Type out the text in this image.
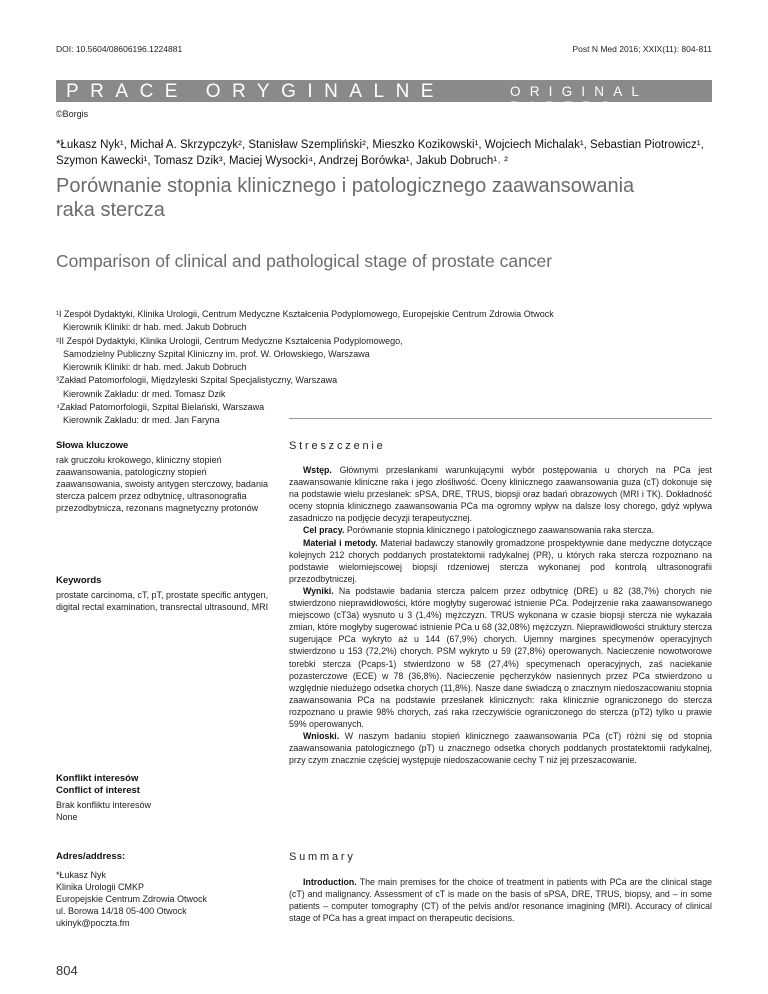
DOI: 10.5604/08606196.1224881	Post N Med 2016; XXIX(11): 804-811
PRACE ORYGINALNE	ORIGINAL PAPERS
©Borgis
*Łukasz Nyk¹, Michał A. Skrzypczyk², Stanisław Szempliński², Mieszko Kozikowski¹, Wojciech Michalak¹, Sebastian Piotrowicz¹, Szymon Kawecki¹, Tomasz Dzik³, Maciej Wysocki⁴, Andrzej Borówka¹, Jakub Dobruch¹˒ ²
Porównanie stopnia klinicznego i patologicznego zaawansowania raka stercza
Comparison of clinical and pathological stage of prostate cancer
¹I Zespół Dydaktyki, Klinika Urologii, Centrum Medyczne Kształcenia Podyplomowego, Europejskie Centrum Zdrowia Otwock
Kierownik Kliniki: dr hab. med. Jakub Dobruch
²II Zespół Dydaktyki, Klinika Urologii, Centrum Medyczne Kształcenia Podyplomowego,
Samodzielny Publiczny Szpital Kliniczny im. prof. W. Orłowskiego, Warszawa
Kierownik Kliniki: dr hab. med. Jakub Dobruch
³Zakład Patomorfologii, Międzyleski Szpital Specjalistyczny, Warszawa
Kierownik Zakładu: dr med. Tomasz Dzik
⁴Zakład Patomorfologii, Szpital Bielański, Warszawa
Kierownik Zakładu: dr med. Jan Faryna
Słowa kluczowe
rak gruczołu krokowego, kliniczny stopień zaawansowania, patologiczny stopień zaawansowania, swoisty antygen sterczowy, badania stercza palcem przez odbytnicę, ultrasonografia przezodbytnicza, rezonans magnetyczny protonów
Keywords
prostate carcinoma, cT, pT, prostate specific antygen, digital rectal examination, transrectal ultrasound, MRI
Konflikt interesów
Conflict of interest
Brak konfliktu interesów
None
Adres/address:
*Łukasz Nyk
Klinika Urologii CMKP
Europejskie Centrum Zdrowia Otwock
ul. Borowa 14/18 05-400 Otwock
ukinyk@poczta.fm
Streszczenie

Wstęp. Głównymi przesłankami warunkującymi wybór postępowania u chorych na PCa jest zaawansowanie kliniczne raka i jego złośliwość. Oceny klinicznego zaawansowania guza (cT) dokonuje się na podstawie wielu przesłanek: sPSA, DRE, TRUS, biopsji oraz badań obrazowych (MRI i TK). Dokładność oceny stopnia klinicznego zaawansowania PCa ma ogromny wpływ na dalsze losy chorego, gdyż wpływa zasadniczo na podjęcie decyzji terapeutycznej.

Cel pracy. Porównanie stopnia klinicznego i patologicznego zaawansowania raka stercza.

Materiał i metody. Materiał badawczy stanowiły gromadzone prospektywnie dane medyczne dotyczące kolejnych 212 chorych poddanych prostatektomii radykalnej (PR), u których raka stercza rozpoznano na podstawie wielomiejscowej biopsji rdzeniowej stercza wykonanej pod kontrolą ultrasonografii przezodbytniczej.

Wyniki. Na podstawie badania stercza palcem przez odbytnicę (DRE) u 82 (38,7%) chorych nie stwierdzono nieprawidłowości, które mogłyby sugerować istnienie PCa. Podejrzenie raka zaawansowanego miejscowo (cT3a) wysnuto u 3 (1,4%) mężczyzn. TRUS wykonana w czasie biopsji stercza nie wykazała zmian, które mogłyby sugerować istnienie PCa u 68 (32,08%) mężczyzn. Nieprawidłowości struktury stercza sugerujące PCa wykryto aż u 144 (67,9%) chorych. Ujemny margines specymenów operacyjnych stwierdzono u 153 (72,2%) chorych. PSM wykryto u 59 (27,8%) operowanych. Nacieczenie nowotworowe torebki stercza (Pcaps-1) stwierdzono w 58 (27,4%) specymenach operacyjnych, zaś naciekanie pozasterczowe (ECE) w 78 (36,8%). Nacieczenie pęcherzyków nasiennych przez PCa stwierdzono u względnie niedużego odsetka chorych (11,8%). Nasze dane świadczą o znacznym niedoszacowaniu stopnia zaawansowania PCa na podstawie przesłanek klinicznych: raka klinicznie ograniczonego do stercza rozpoznano u prawie 98% chorych, zaś raka rzeczywiście ograniczonego do stercza (pT2) tylko u prawie 59% operowanych.

Wnioski. W naszym badaniu stopień klinicznego zaawansowania PCa (cT) różni się od stopnia zaawansowania patologicznego (pT) u znacznego odsetka chorych poddanych prostatektomii radykalnej, przy czym znacznie częściej występuje niedoszacowanie cechy T niż jej przeszacowanie.

Summary

Introduction. The main premises for the choice of treatment in patients with PCa are the clinical stage (cT) and malignancy. Assessment of cT is made on the basis of sPSA, DRE, TRUS, biopsy, and – in some patients – computer tomography (CT) of the pelvis and/or resonance imagining (MRI). Accuracy of clinical stage of PCa has a great impact on therapeutic decisions.

804
